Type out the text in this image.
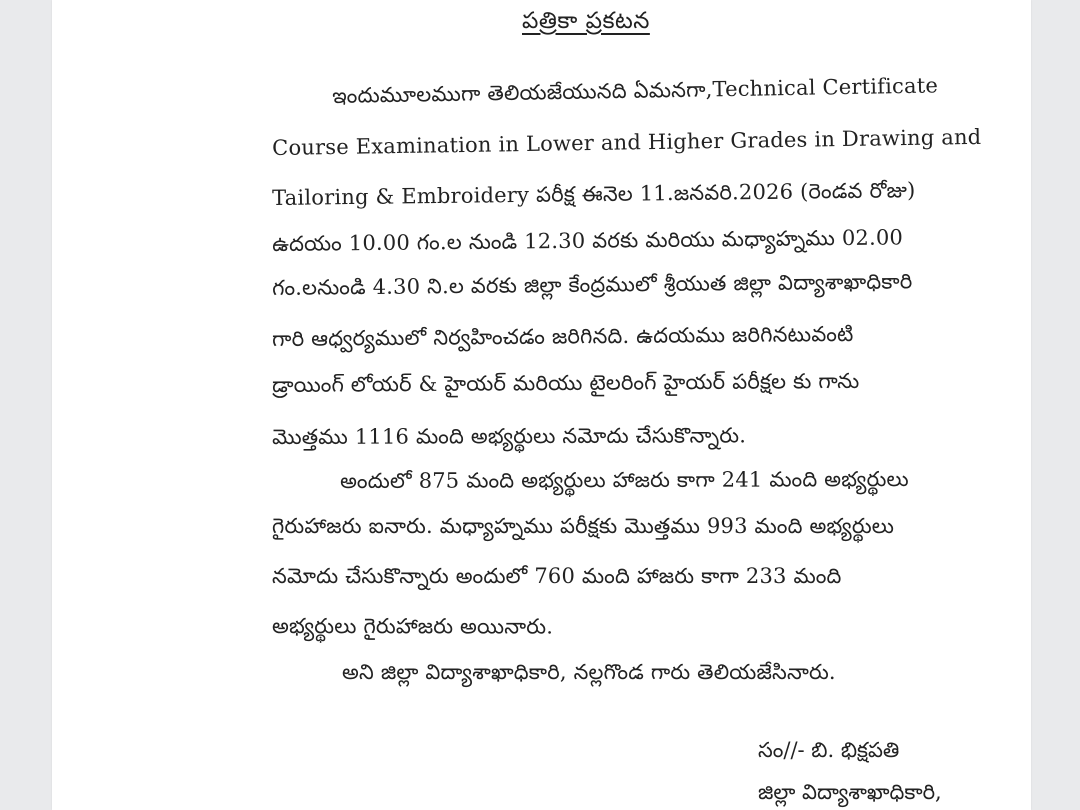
పత్రికా ప్రకటన
ఇందుమూలముగా తెలియజేయునది ఏమనగా,Technical Certificate
Course Examination in Lower and Higher Grades in Drawing and
Tailoring & Embroidery పరీక్ష ఈనెల 11.జనవరి.2026 (రెండవ రోజు)
ఉదయం 10.00 గం.ల నుండి 12.30 వరకు మరియు మధ్యాహ్నము 02.00
గం.లనుండి 4.30 ని.ల వరకు జిల్లా కేంద్రములో శ్రీయుత జిల్లా విద్యాశాఖాధికారి
గారి ఆధ్వర్యములో నిర్వహించడం జరిగినది. ఉదయము జరిగినటువంటి
డ్రాయింగ్ లోయర్ & హైయర్ మరియు టైలరింగ్ హైయర్ పరీక్షల కు గాను
మొత్తము 1116 మంది అభ్యర్థులు నమోదు చేసుకొన్నారు.
అందులో 875 మంది అభ్యర్థులు హాజరు కాగా 241 మంది అభ్యర్థులు
గైరుహాజరు ఐనారు. మధ్యాహ్నము పరీక్షకు మొత్తము 993 మంది అభ్యర్థులు
నమోదు చేసుకొన్నారు అందులో 760 మంది హాజరు కాగా 233 మంది
అభ్యర్థులు గైరుహాజరు అయినారు.
అని జిల్లా విద్యాశాఖాధికారి, నల్లగొండ గారు తెలియజేసినారు.
సం//- బి. భిక్షపతి
జిల్లా విద్యాశాఖాధికారి,
